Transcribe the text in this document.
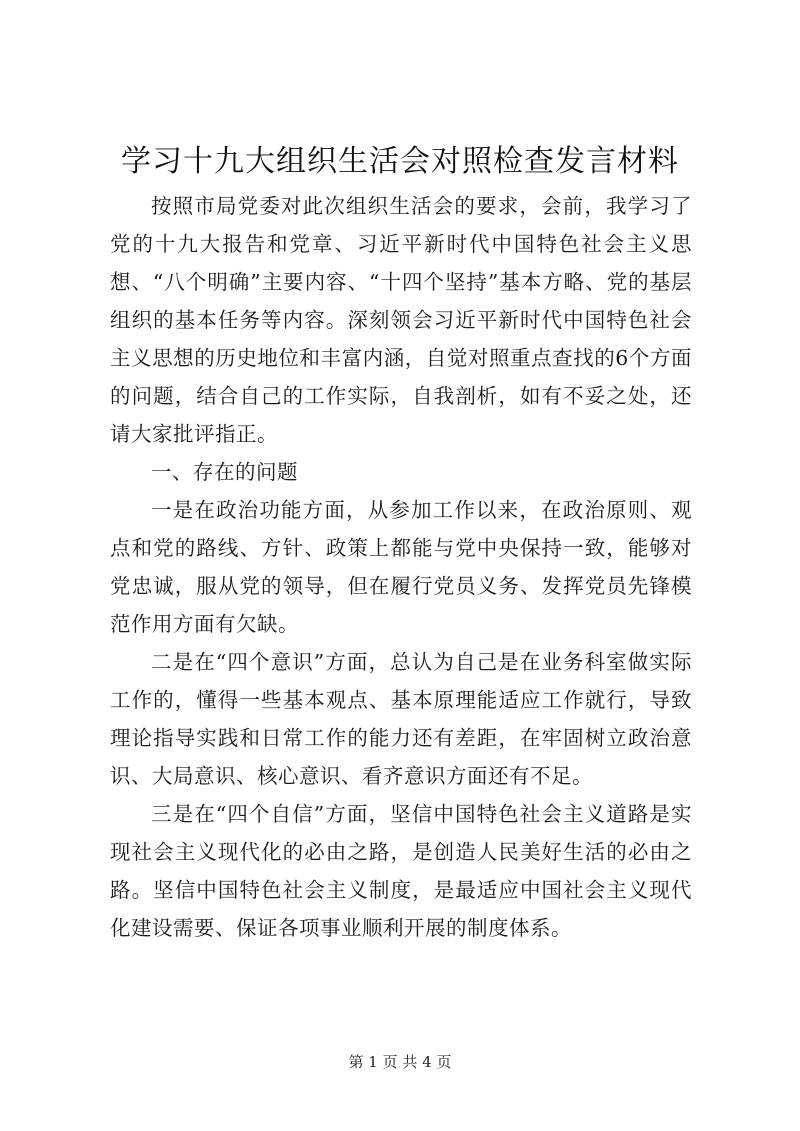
学习十九大组织生活会对照检查发言材料

按照市局党委对此次组织生活会的要求，会前，我学习了党的十九大报告和党章、习近平新时代中国特色社会主义思想、“八个明确”主要内容、“十四个坚持”基本方略、党的基层组织的基本任务等内容。深刻领会习近平新时代中国特色社会主义思想的历史地位和丰富内涵，自觉对照重点查找的6个方面的问题，结合自己的工作实际，自我剖析，如有不妥之处，还请大家批评指正。

一、存在的问题

一是在政治功能方面，从参加工作以来，在政治原则、观点和党的路线、方针、政策上都能与党中央保持一致，能够对党忠诚，服从党的领导，但在履行党员义务、发挥党员先锋模范作用方面有欠缺。

二是在“四个意识”方面，总认为自己是在业务科室做实际工作的，懂得一些基本观点、基本原理能适应工作就行，导致理论指导实践和日常工作的能力还有差距，在牢固树立政治意识、大局意识、核心意识、看齐意识方面还有不足。

三是在“四个自信”方面，坚信中国特色社会主义道路是实现社会主义现代化的必由之路，是创造人民美好生活的必由之路。坚信中国特色社会主义制度，是最适应中国社会主义现代化建设需要、保证各项事业顺利开展的制度体系。

第 1 页 共 4 页
